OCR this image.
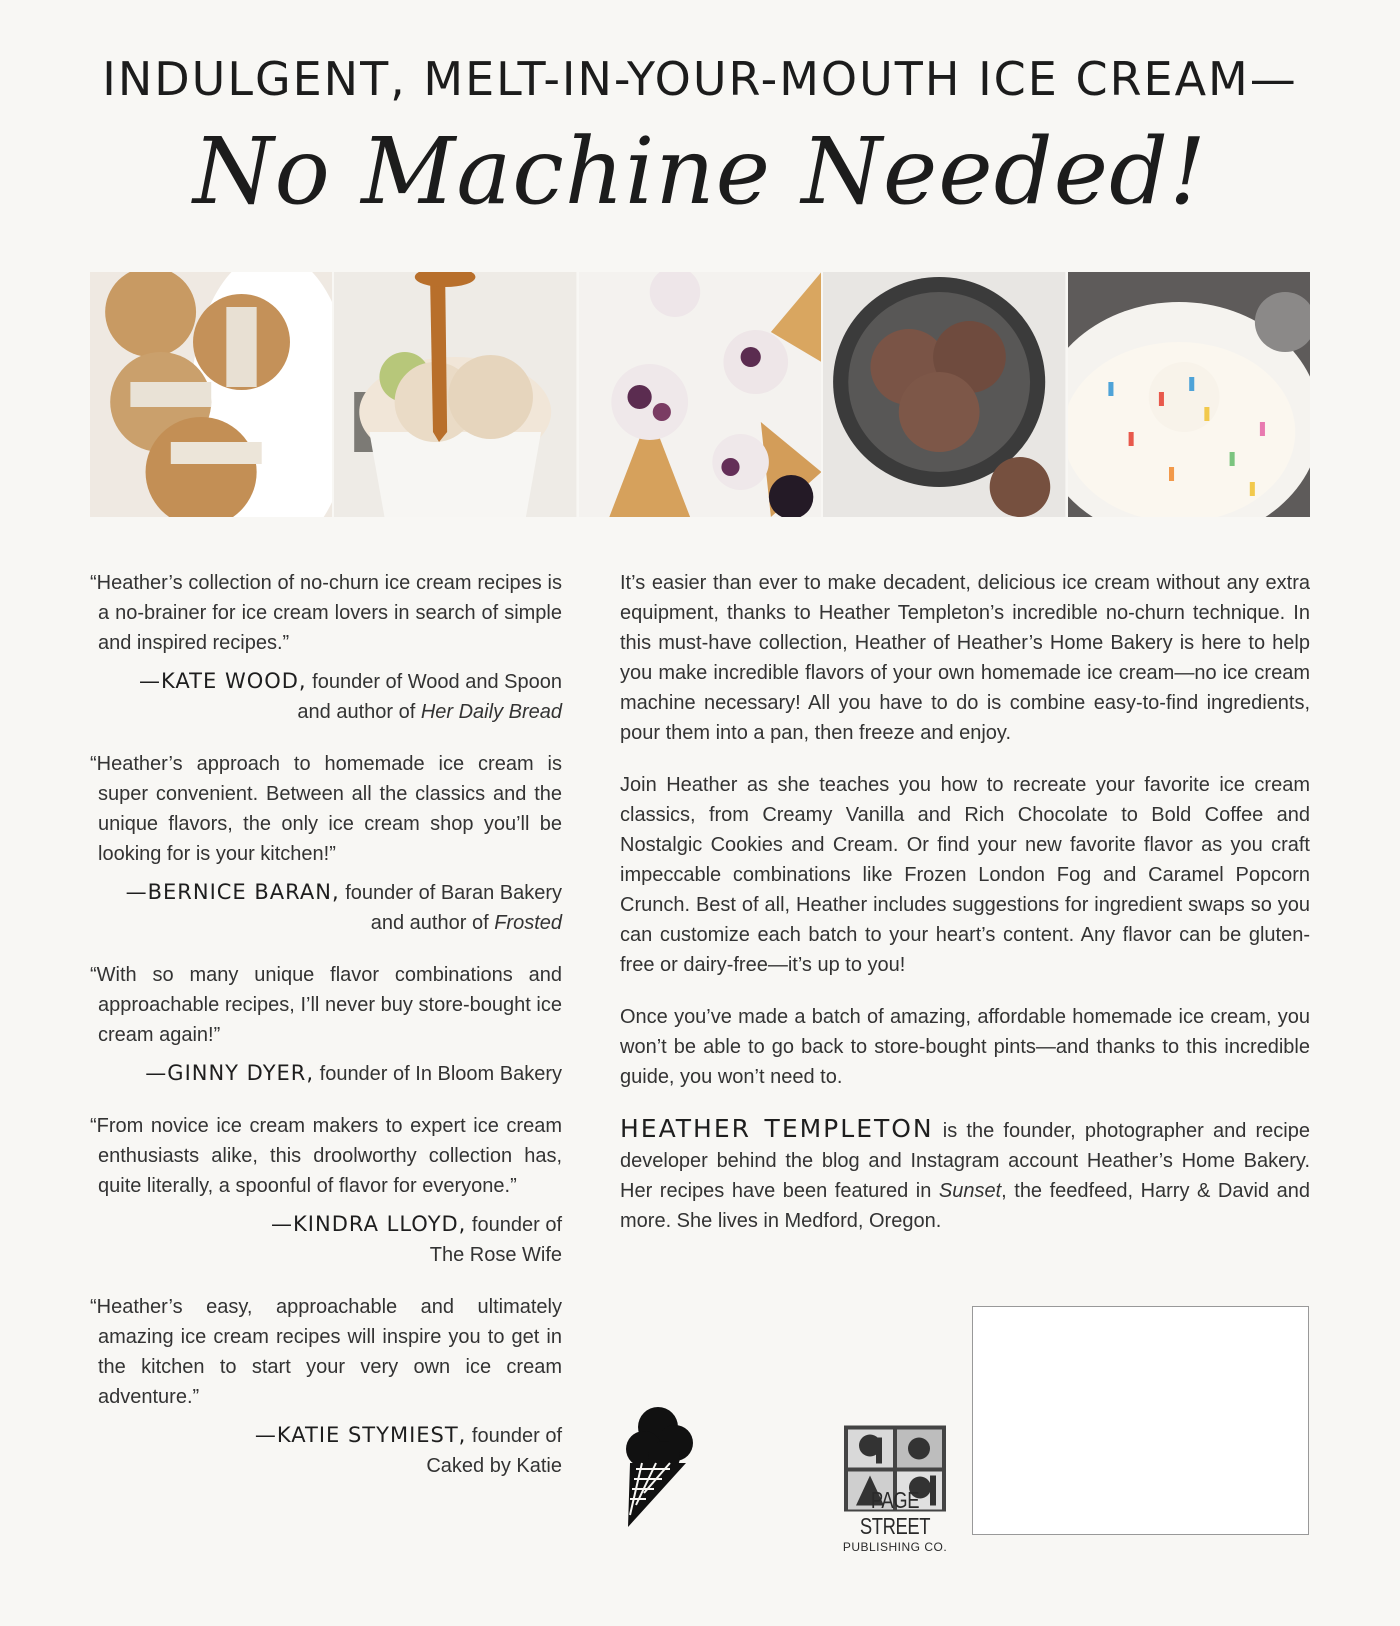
INDULGENT, MELT-IN-YOUR-MOUTH ICE CREAM—
No Machine Needed!
“Heather’s collection of no-churn ice cream recipes is a no-brainer for ice cream lovers in search of simple and inspired recipes.”
—KATE WOOD, founder of Wood and Spoon
and author of Her Daily Bread
“Heather’s approach to homemade ice cream is super convenient. Between all the classics and the unique flavors, the only ice cream shop you’ll be looking for is your kitchen!”
—BERNICE BARAN, founder of Baran Bakery
and author of Frosted
“With so many unique flavor combinations and approachable recipes, I’ll never buy store-bought ice cream again!”
—GINNY DYER, founder of In Bloom Bakery
“From novice ice cream makers to expert ice cream enthusiasts alike, this droolworthy collection has, quite literally, a spoonful of flavor for everyone.”
—KINDRA LLOYD, founder of
The Rose Wife
“Heather’s easy, approachable and ultimately amazing ice cream recipes will inspire you to get in the kitchen to start your very own ice cream adventure.”
—KATIE STYMIEST, founder of
Caked by Katie

It’s easier than ever to make decadent, delicious ice cream without any extra equipment, thanks to Heather Templeton’s incredible no-churn technique. In this must-have collection, Heather of Heather’s Home Bakery is here to help you make incredible flavors of your own homemade ice cream—no ice cream machine necessary! All you have to do is combine easy-to-find ingredients, pour them into a pan, then freeze and enjoy.

Join Heather as she teaches you how to recreate your favorite ice cream classics, from Creamy Vanilla and Rich Chocolate to Bold Coffee and Nostalgic Cookies and Cream. Or find your new favorite flavor as you craft impeccable combinations like Frozen London Fog and Caramel Popcorn Crunch. Best of all, Heather includes suggestions for ingredient swaps so you can customize each batch to your heart’s content. Any flavor can be gluten-free or dairy-free—it’s up to you!

Once you’ve made a batch of amazing, affordable homemade ice cream, you won’t be able to go back to store-bought pints—and thanks to this incredible guide, you won’t need to.

HEATHER TEMPLETON is the founder, photographer and recipe developer behind the blog and Instagram account Heather’s Home Bakery. Her recipes have been featured in Sunset, the feedfeed, Harry & David and more. She lives in Medford, Oregon.

PAGE STREET
PUBLISHING CO.
